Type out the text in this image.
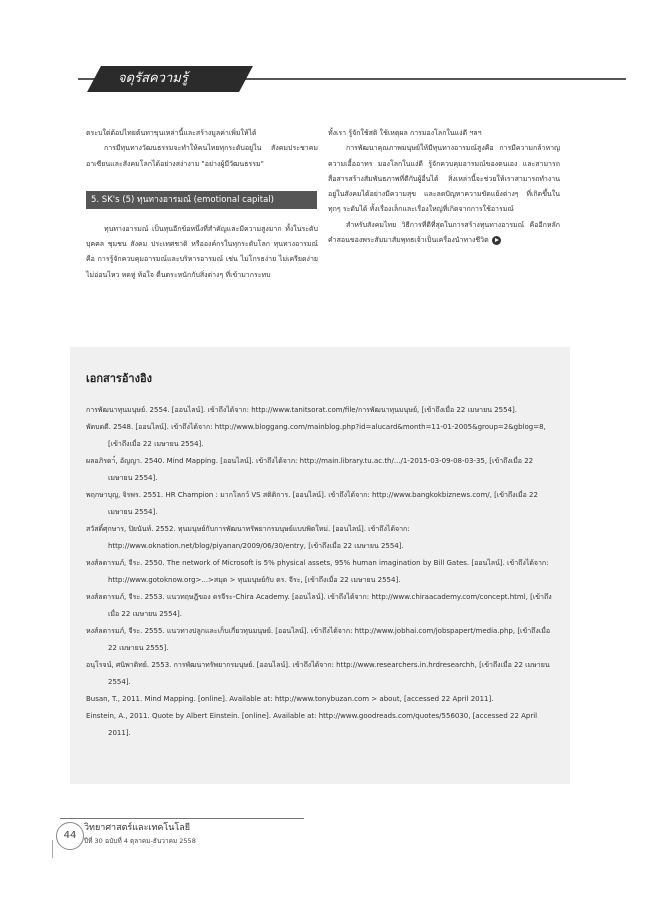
จดุรัสความรู้

ตระบใต่ต้อปไทยต้นทาขุนเหล่านี้และสร้างมูลค่าเพิ่มให้ได้

การมีทุนทางวัฒนธรรมจะทำให้คนไทยทุกระดับอยู่ใน สังคมประชาคมอาเซียนและสังคมโลกได้อย่างสง่างาม "อย่างผู้มีวัฒนธรรม"

5. SK's (5) ทุนทางอารมณ์ (emotional capital)

ทุนทางอารมณ์ เป็นทุนอีกข้อหนึ่งที่สำคัญและมีความสูงมาก ทั้งในระดับบุคคล ชุมชน สังคม ประเทศชาติ หรือองค์กรในทุกระดับโลก ทุนทางอารมณ์ คือ การรู้จักควบคุมอารมณ์และบริหารอารมณ์ เช่น ไม่โกรธง่าย ไม่เครียดง่าย ไม่อ่อนไหว หดหู่ ท้อใจ ตื่นตระหนักกับสิ่งต่างๆ ที่เข้ามากระทบ

ทั้งเรา รู้จักใช้สติ ใช้เหตุผล การมองโลกในแง่ดี ฯลฯ

การพัฒนาคุณภาพมนุษย์ให้มีทุนทางอารมณ์สูงคือ การมีความกล้าหาญ ความเอื้ออาทร มองโลกในแง่ดี รู้จักควบคุมอารมณ์ของตนเอง และสามารถสื่อสารสร้างสัมพันธภาพที่ดีกับผู้อื่นได้ สิ่งเหล่านี้จะช่วยให้เราสามารถทำงานอยู่ในสังคมได้อย่างมีความสุข และลดปัญหาความขัดแย้งต่างๆ ที่เกิดขึ้นในทุกๆ ระดับได้ ทั้งเรื่องเล็กและเรื่องใหญ่ที่เกิดจากการใช้อารมณ์

สำหรับสังคมไทย วิธีการที่ดีที่สุดในการสร้างทุนทางอารมณ์ คืออีกหลักคำสอนของพระสัมมาสัมพุทธเจ้าเป็นเครื่องนำทางชีวิต

เอกสารอ้างอิง

การพัฒนาทุนมนุษย์. 2554. [ออนไลน์]. เข้าถึงได้จาก: http://www.tanitsorat.com/file/การพัฒนาทุนมนุษย์, [เข้าถึงเมื่อ 22 เมษายน 2554].

พัดบดดี. 2548. [ออนไลน์]. เข้าถึงได้จาก: http://www.bloggang.com/mainblog.php?id=alucard&month=11-01-2005&group=2&gblog=8, [เข้าถึงเมื่อ 22 เมษายน 2554].

ผลอภิรดา์, อัญญา. 2540. Mind Mapping. [ออนไลน์]. เข้าถึงได้จาก: http://main.library.tu.ac.th/.../1-2015-03-09-08-03-35, [เข้าถึงเมื่อ 22 เมษายน 2554].

พฤกษาบุญ, จิรพร. 2551. HR Champion : มากโลกว์ VS สติติการ. [ออนไลน์]. เข้าถึงได้จาก: http://www.bangkokbiznews.com/, [เข้าถึงเมื่อ 22 เมษายน 2554].

สวัสดิ์ศุกษาร, ปิยนันท์. 2552. ทุนมนุษย์กับการพัฒนาทรัพยากรมนุษย์แบบพิดใหม่. [ออนไลน์]. เข้าถึงได้จาก: http://www.oknation.net/blog/piyanan/2009/06/30/entry, [เข้าถึงเมื่อ 22 เมษายน 2554].

หงส์ลดารมภ์, จีระ. 2550. The network of Microsoft is 5% physical assets, 95% human imagination by Bill Gates. [ออนไลน์]. เข้าถึงได้จาก: http://www.gotoknow.org>...>สมุด > ทุนมนุษย์กับ ดร. จีระ, [เข้าถึงเมื่อ 22 เมษายน 2554].

หงส์ลดารมภ์, จีระ. 2553. แนวทฤษฎีของ ดรจีระ-Chira Academy. [ออนไลน์]. เข้าถึงได้จาก: http://www.chiraacademy.com/concept.html, [เข้าถึงเมื่อ 22 เมษายน 2554].

หงส์ลดารมภ์, จีระ. 2555. แนวทางปลูกและเก็บเกี่ยวทุนมนุษย์. [ออนไลน์]. เข้าถึงได้จาก: http://www.jobhai.com/jobspapert/media.php, [เข้าถึงเมื่อ 22 เมษายน 2555].

อนุโรจน์, ศนิพาติทย์. 2553. การพัฒนาทรัพยากรมนุษย์. [ออนไลน์]. เข้าถึงได้จาก: http://www.researchers.in.hrdresearchh, [เข้าถึงเมื่อ 22 เมษายน 2554].

Busan, T., 2011. Mind Mapping. [online]. Available at: http://www.tonybuzan.com > about, [accessed 22 April 2011].

Einstein, A., 2011. Quote by Albert Einstein. [online]. Available at: http://www.goodreads.com/quotes/556030, [accessed 22 April 2011].

44
วิทยาศาสตร์และเทคโนโลยี
ปีที่ 30 ฉบับที่ 4 ตุลาคม-ธันวาคม 2558
